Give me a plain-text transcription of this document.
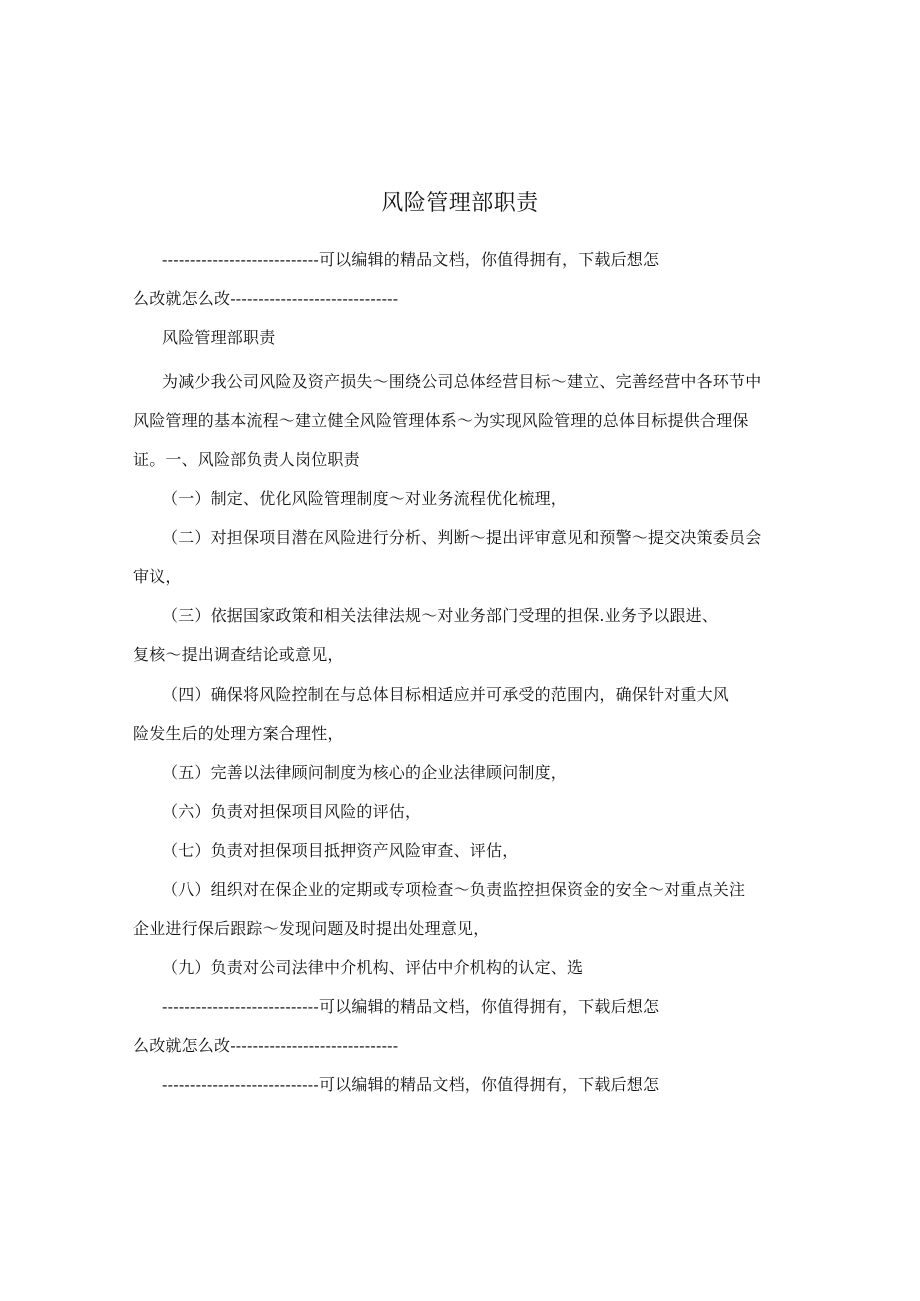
风险管理部职责
----------------------------可以编辑的精品文档，你值得拥有，下载后想怎
么改就怎么改------------------------------
风险管理部职责
为减少我公司风险及资产损失～围绕公司总体经营目标～建立、完善经营中各环节中
风险管理的基本流程～建立健全风险管理体系～为实现风险管理的总体目标提供合理保
证。一、风险部负责人岗位职责
（一）制定、优化风险管理制度～对业务流程优化梳理，
（二）对担保项目潜在风险进行分析、判断～提出评审意见和预警～提交决策委员会
审议，
（三）依据国家政策和相关法律法规～对业务部门受理的担保.业务予以跟进、
复核～提出调查结论或意见，
（四）确保将风险控制在与总体目标相适应并可承受的范围内，确保针对重大风
险发生后的处理方案合理性，
（五）完善以法律顾问制度为核心的企业法律顾问制度，
（六）负责对担保项目风险的评估，
（七）负责对担保项目抵押资产风险审查、评估，
（八）组织对在保企业的定期或专项检查～负责监控担保资金的安全～对重点关注
企业进行保后跟踪～发现问题及时提出处理意见，
（九）负责对公司法律中介机构、评估中介机构的认定、选
----------------------------可以编辑的精品文档，你值得拥有，下载后想怎
么改就怎么改------------------------------
----------------------------可以编辑的精品文档，你值得拥有，下载后想怎
